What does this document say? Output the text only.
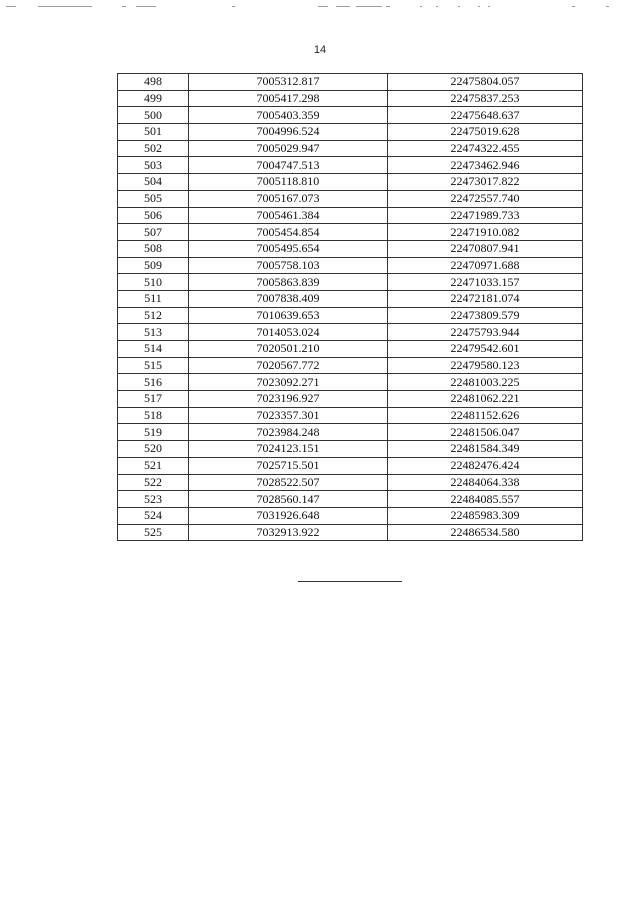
14
498	7005312.817	22475804.057
499	7005417.298	22475837.253
500	7005403.359	22475648.637
501	7004996.524	22475019.628
502	7005029.947	22474322.455
503	7004747.513	22473462.946
504	7005118.810	22473017.822
505	7005167.073	22472557.740
506	7005461.384	22471989.733
507	7005454.854	22471910.082
508	7005495.654	22470807.941
509	7005758.103	22470971.688
510	7005863.839	22471033.157
511	7007838.409	22472181.074
512	7010639.653	22473809.579
513	7014053.024	22475793.944
514	7020501.210	22479542.601
515	7020567.772	22479580.123
516	7023092.271	22481003.225
517	7023196.927	22481062.221
518	7023357.301	22481152.626
519	7023984.248	22481506.047
520	7024123.151	22481584.349
521	7025715.501	22482476.424
522	7028522.507	22484064.338
523	7028560.147	22484085.557
524	7031926.648	22485983.309
525	7032913.922	22486534.580
